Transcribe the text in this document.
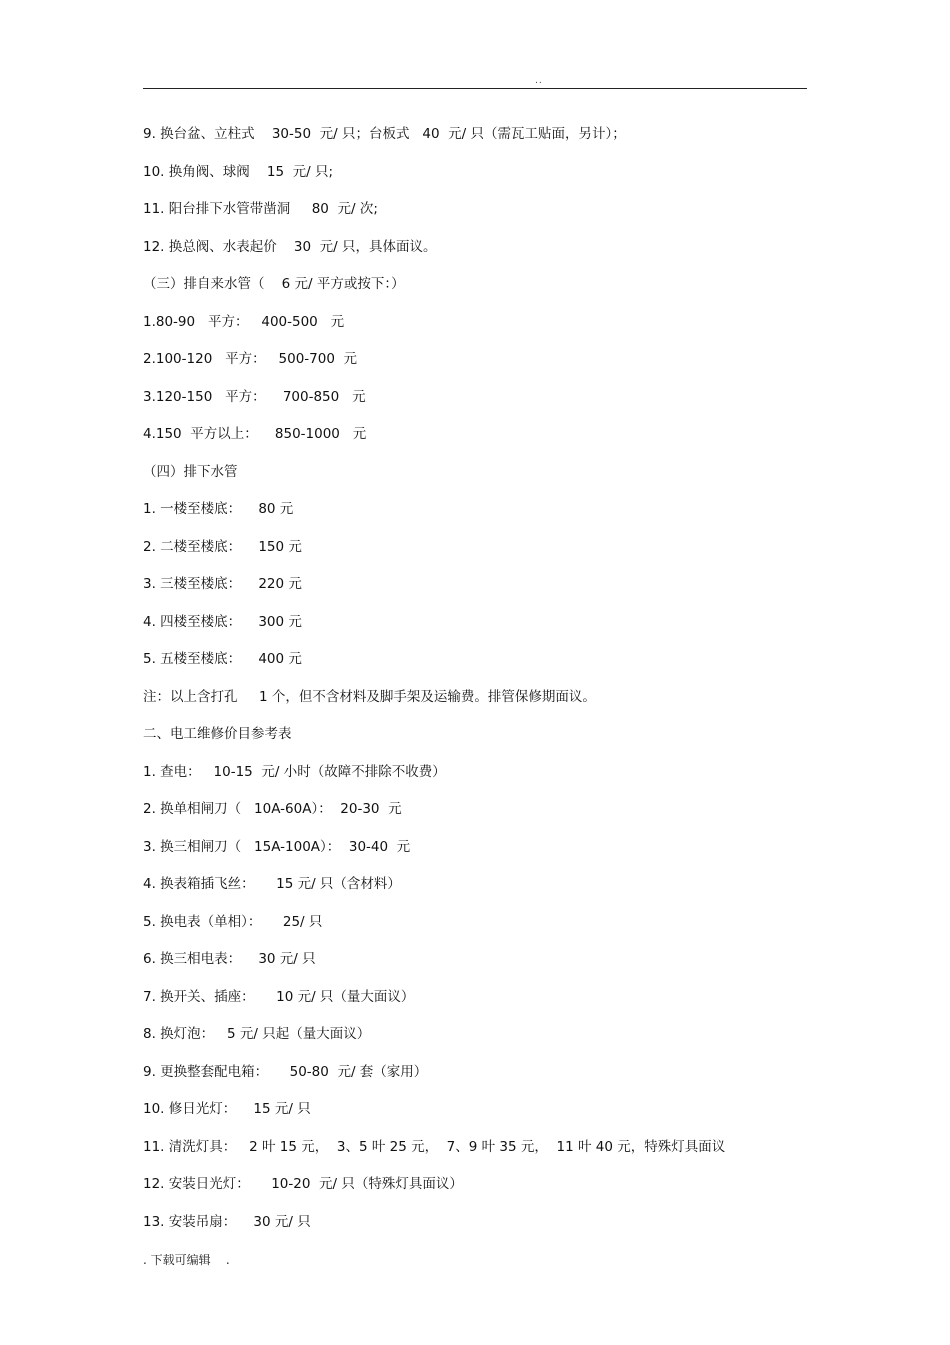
..
9. 换台盆、立柱式    30-50  元/ 只；台板式   40  元/ 只（需瓦工贴面，另计）；
10. 换角阀、球阀    15  元/ 只;
11. 阳台排下水管带凿洞     80  元/ 次;
12. 换总阀、水表起价    30  元/ 只，具体面议。
（三）排自来水管（    6 元/ 平方或按下：）
1.80-90   平方：   400-500   元
2.100-120   平方：   500-700  元
3.120-150   平方：    700-850   元
4.150  平方以上：    850-1000   元
（四）排下水管
1. 一楼至楼底：    80 元
2. 二楼至楼底：    150 元
3. 三楼至楼底：    220 元
4. 四楼至楼底：    300 元
5. 五楼至楼底：    400 元
注：以上含打孔     1 个，但不含材料及脚手架及运输费。排管保修期面议。
二、电工维修价目参考表
1. 查电：   10-15  元/ 小时（故障不排除不收费）
2. 换单相闸刀（   10A-60A）：  20-30  元
3. 换三相闸刀（   15A-100A）：  30-40  元
4. 换表箱插飞丝：     15 元/ 只（含材料）
5. 换电表（单相）：     25/ 只
6. 换三相电表：    30 元/ 只
7. 换开关、插座：     10 元/ 只（量大面议）
8. 换灯泡：   5 元/ 只起（量大面议）
9. 更换整套配电箱：     50-80  元/ 套（家用）
10. 修日光灯：    15 元/ 只
11. 清洗灯具：   2 叶 15 元，  3、5 叶 25 元，  7、9 叶 35 元，  11 叶 40 元，特殊灯具面议
12. 安装日光灯：     10-20  元/ 只（特殊灯具面议）
13. 安装吊扇：    30 元/ 只
. 下载可编辑    .
